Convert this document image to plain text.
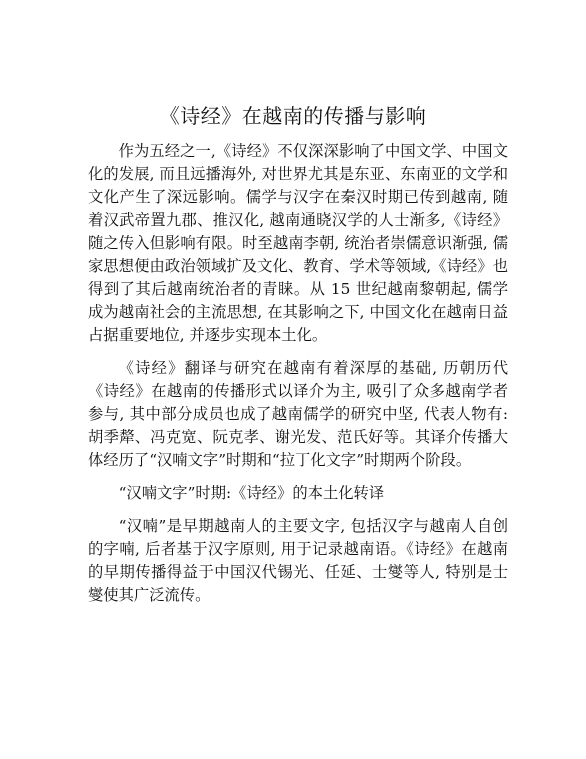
《诗经》在越南的传播与影响

作为五经之一,《诗经》不仅深深影响了中国文学、中国文化的发展, 而且远播海外, 对世界尤其是东亚、东南亚的文学和文化产生了深远影响。儒学与汉字在秦汉时期已传到越南, 随着汉武帝置九郡、推汉化, 越南通晓汉学的人士渐多,《诗经》随之传入但影响有限。时至越南李朝, 统治者崇儒意识渐强, 儒家思想便由政治领域扩及文化、教育、学术等领域,《诗经》也得到了其后越南统治者的青睐。从 15 世纪越南黎朝起, 儒学成为越南社会的主流思想, 在其影响之下, 中国文化在越南日益占据重要地位, 并逐步实现本土化。

《诗经》翻译与研究在越南有着深厚的基础, 历朝历代《诗经》在越南的传播形式以译介为主, 吸引了众多越南学者参与, 其中部分成员也成了越南儒学的研究中坚, 代表人物有:胡季犛、冯克宽、阮克孝、谢光发、范氏好等。其译介传播大体经历了“汉喃文字”时期和“拉丁化文字”时期两个阶段。

“汉喃文字”时期:《诗经》的本土化转译

“汉喃”是早期越南人的主要文字, 包括汉字与越南人自创的字喃, 后者基于汉字原则, 用于记录越南语。《诗经》在越南的早期传播得益于中国汉代锡光、任延、士燮等人, 特别是士燮使其广泛流传。
